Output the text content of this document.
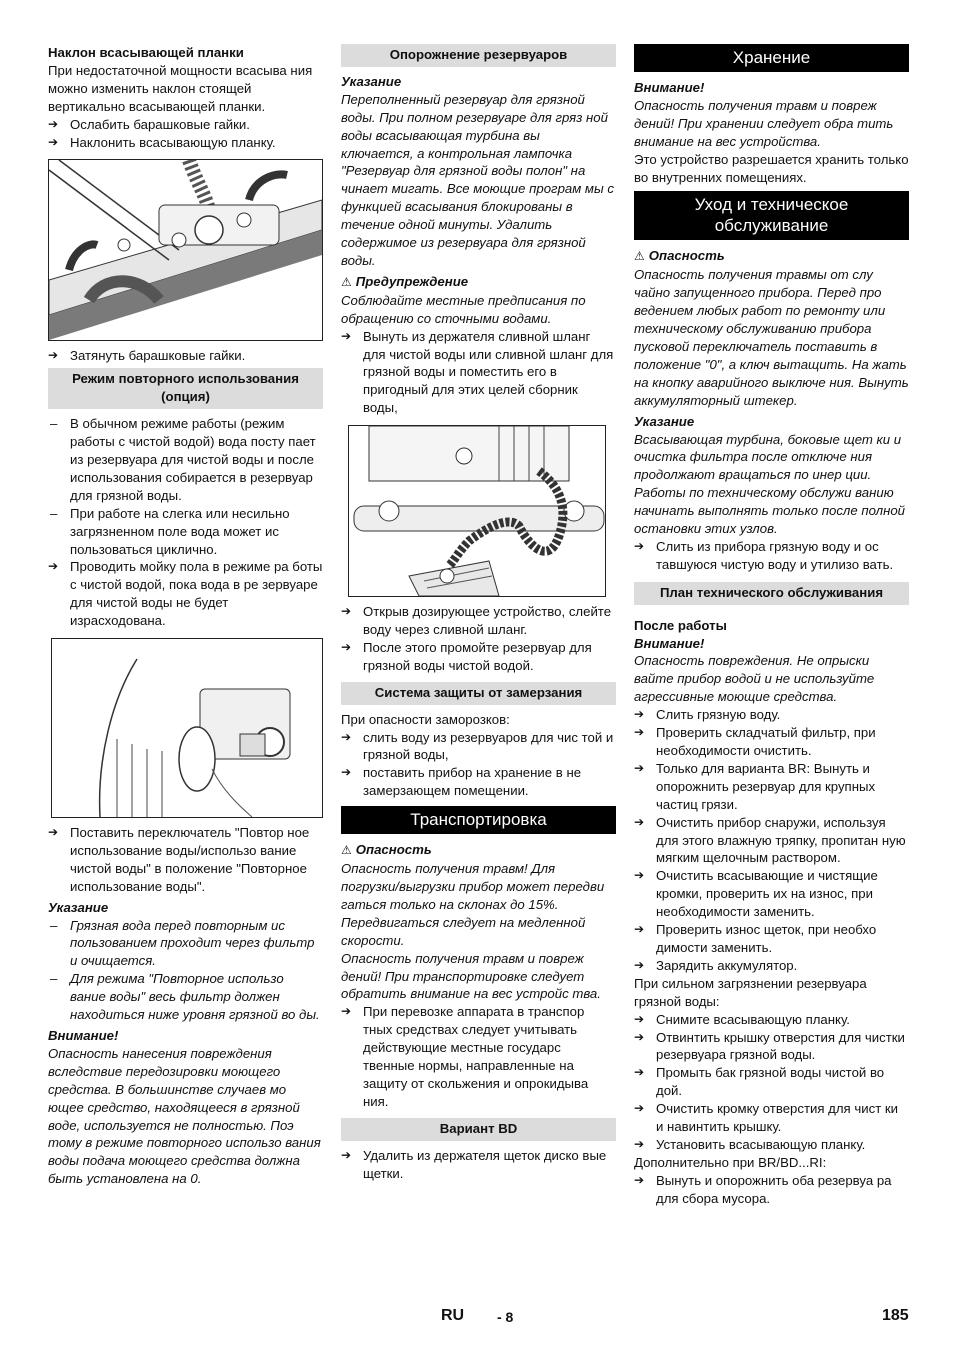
Наклон всасывающей планки

При недостаточной мощности всасыва ния можно изменить наклон стоящей вертикально всасывающей планки.

➔ Ослабить барашковые гайки.

➔ Наклонить всасывающую планку.

➔ Затянуть барашковые гайки.

Режим повторного использования (опция)

– В обычном режиме работы (режим работы с чистой водой) вода посту пает из резервуара для чистой воды и после использования собирается в резервуар для грязной воды.

– При работе на слегка или несильно загрязненном поле вода может ис пользоваться циклично.

➔ Проводить мойку пола в режиме ра боты с чистой водой, пока вода в ре зервуаре для чистой воды не будет израсходована.

➔ Поставить переключатель "Повтор ное использование воды/использо вание чистой воды" в положение "Повторное использование воды".

Указание

– Грязная вода перед повторным ис пользованием проходит через фильтр и очищается.

– Для режима "Повторное использо вание воды" весь фильтр должен находиться ниже уровня грязной во ды.

Внимание!

Опасность нанесения повреждения вследствие передозировки моющего средства. В большинстве случаев мо ющее средство, находящееся в грязной воде, используется не полностью. Поэ тому в режиме повторного использо вания воды подача моющего средства должна быть установлена на 0.

Опорожнение резервуаров

Указание

Переполненный резервуар для грязной воды. При полном резервуаре для гряз ной воды всасывающая турбина вы ключается, а контрольная лампочка "Резервуар для грязной воды полон" на чинает мигать. Все моющие програм мы с функцией всасывания блокированы в течение одной минуты. Удалить содержимое из резервуара для грязной воды.

⚠ Предупреждение

Соблюдайте местные предписания по обращению со сточными водами.

➔ Вынуть из держателя сливной шланг для чистой воды или сливной шланг для грязной воды и поместить его в пригодный для этих целей сборник воды,

➔ Открыв дозирующее устройство, слейте воду через сливной шланг.

➔ После этого промойте резервуар для грязной воды чистой водой.

Система защиты от замерзания

При опасности заморозков:

➔ слить воду из резервуаров для чис той и грязной воды,

➔ поставить прибор на хранение в не замерзающем помещении.

Транспортировка

⚠ Опасность

Опасность получения травм! Для погрузки/выгрузки прибор может передви гаться только на склонах до 15%. Передвигаться следует на медленной скорости.

Опасность получения травм и повреж дений! При транспортировке следует обратить внимание на вес устройс тва.

➔ При перевозке аппарата в транспор тных средствах следует учитывать действующие местные государс твенные нормы, направленные на защиту от скольжения и опрокидыва ния.

Вариант BD

➔ Удалить из держателя щеток диско вые щетки.

Хранение

Внимание!

Опасность получения травм и повреж дений! При хранении следует обра тить внимание на вес устройства.

Это устройство разрешается хранить только во внутренних помещениях.

Уход и техническое обслуживание

⚠ Опасность

Опасность получения травмы от слу чайно запущенного прибора. Перед про ведением любых работ по ремонту или техническому обслуживанию прибора пусковой переключатель поставить в положение "0", а ключ вытащить. На жать на кнопку аварийного выключе ния. Вынуть аккумуляторный штекер.

Указание

Всасывающая турбина, боковые щет ки и очистка фильтра после отключе ния продолжают вращаться по инер ции. Работы по техническому обслужи ванию начинать выполнять только после полной остановки этих узлов.

➔ Слить из прибора грязную воду и ос тавшуюся чистую воду и утилизо вать.

План технического обслуживания

После работы

Внимание!

Опасность повреждения. Не опрыски вайте прибор водой и не используйте агрессивные моющие средства.

➔ Слить грязную воду.

➔ Проверить складчатый фильтр, при необходимости очистить.

➔ Только для варианта BR: Вынуть и опорожнить резервуар для крупных частиц грязи.

➔ Очистить прибор снаружи, используя для этого влажную тряпку, пропитан ную мягким щелочным раствором.

➔ Очистить всасывающие и чистящие кромки, проверить их на износ, при необходимости заменить.

➔ Проверить износ щеток, при необхо димости заменить.

➔ Зарядить аккумулятор.

При сильном загрязнении резервуара грязной воды:

➔ Снимите всасывающую планку.

➔ Отвинтить крышку отверстия для чистки резервуара грязной воды.

➔ Промыть бак грязной воды чистой во дой.

➔ Очистить кромку отверстия для чист ки и навинтить крышку.

➔ Установить всасывающую планку.

Дополнительно при BR/BD...RI:

➔ Вынуть и опорожнить оба резервуа ра для сбора мусора.

RU - 8	185
